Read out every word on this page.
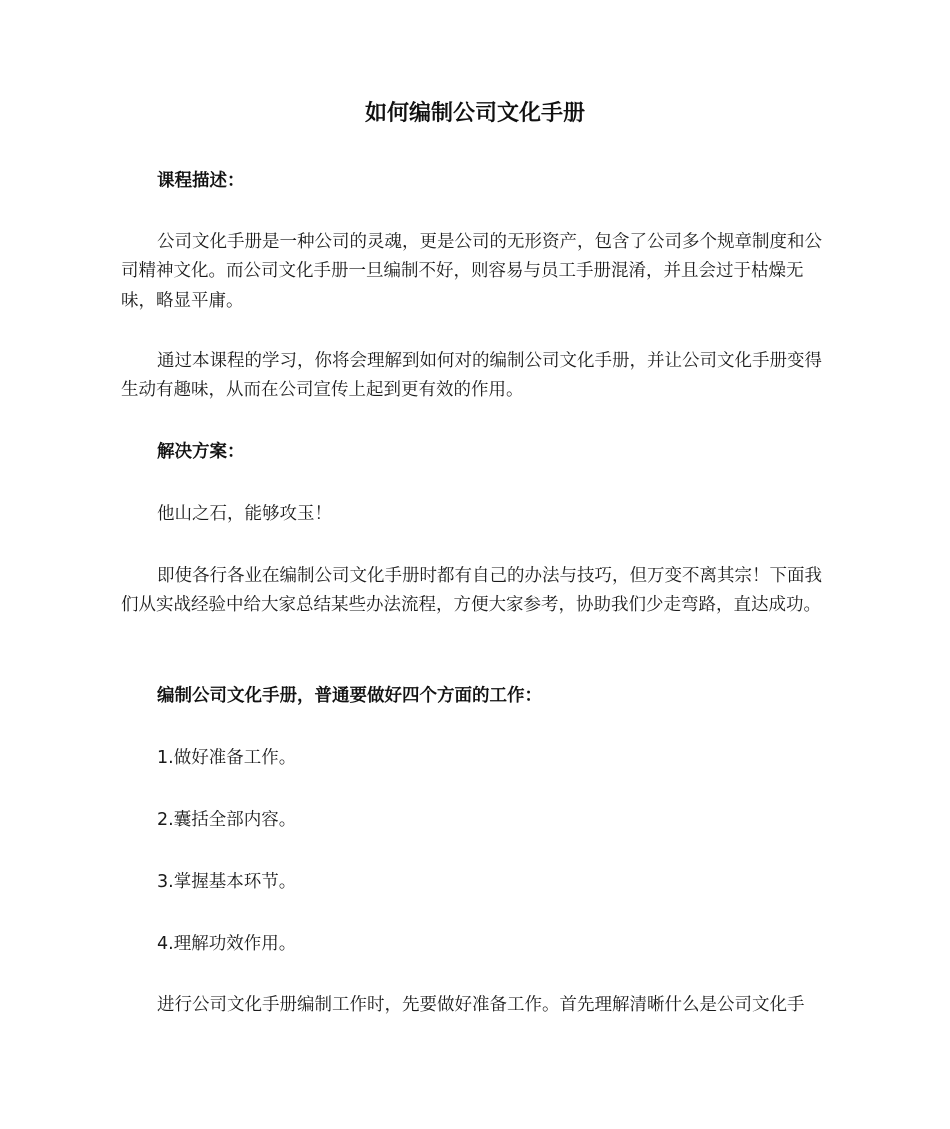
如何编制公司文化手册

课程描述：

公司文化手册是一种公司的灵魂，更是公司的无形资产，包含了公司多个规章制度和公司精神文化。而公司文化手册一旦编制不好，则容易与员工手册混淆，并且会过于枯燥无味，略显平庸。

通过本课程的学习，你将会理解到如何对的编制公司文化手册，并让公司文化手册变得生动有趣味，从而在公司宣传上起到更有效的作用。

解决方案：

他山之石，能够攻玉！

即使各行各业在编制公司文化手册时都有自己的办法与技巧，但万变不离其宗！下面我们从实战经验中给大家总结某些办法流程，方便大家参考，协助我们少走弯路，直达成功。

编制公司文化手册，普通要做好四个方面的工作：

1.做好准备工作。

2.囊括全部内容。

3.掌握基本环节。

4.理解功效作用。

进行公司文化手册编制工作时，先要做好准备工作。首先理解清晰什么是公司文化手
